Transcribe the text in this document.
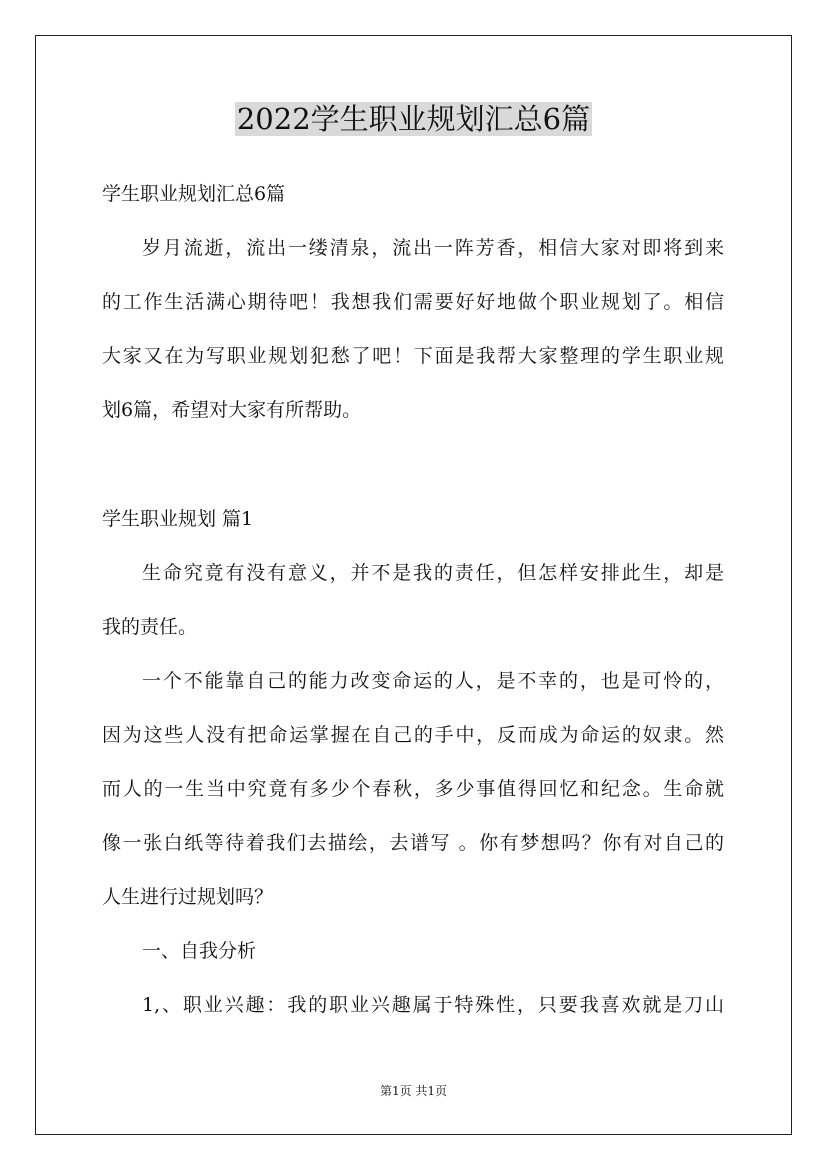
2022学生职业规划汇总6篇
学生职业规划汇总6篇
岁月流逝，流出一缕清泉，流出一阵芳香，相信大家对即将到来
的工作生活满心期待吧！我想我们需要好好地做个职业规划了。相信
大家又在为写职业规划犯愁了吧！下面是我帮大家整理的学生职业规
划6篇，希望对大家有所帮助。
学生职业规划 篇1
生命究竟有没有意义，并不是我的责任，但怎样安排此生，却是
我的责任。
一个不能靠自己的能力改变命运的人，是不幸的，也是可怜的，
因为这些人没有把命运掌握在自己的手中，反而成为命运的奴隶。然
而人的一生当中究竟有多少个春秋，多少事值得回忆和纪念。生命就
像一张白纸等待着我们去描绘，去谱写 。你有梦想吗？你有对自己的
人生进行过规划吗？
一、自我分析
1,、职业兴趣：我的职业兴趣属于特殊性，只要我喜欢就是刀山
第1页 共1页
